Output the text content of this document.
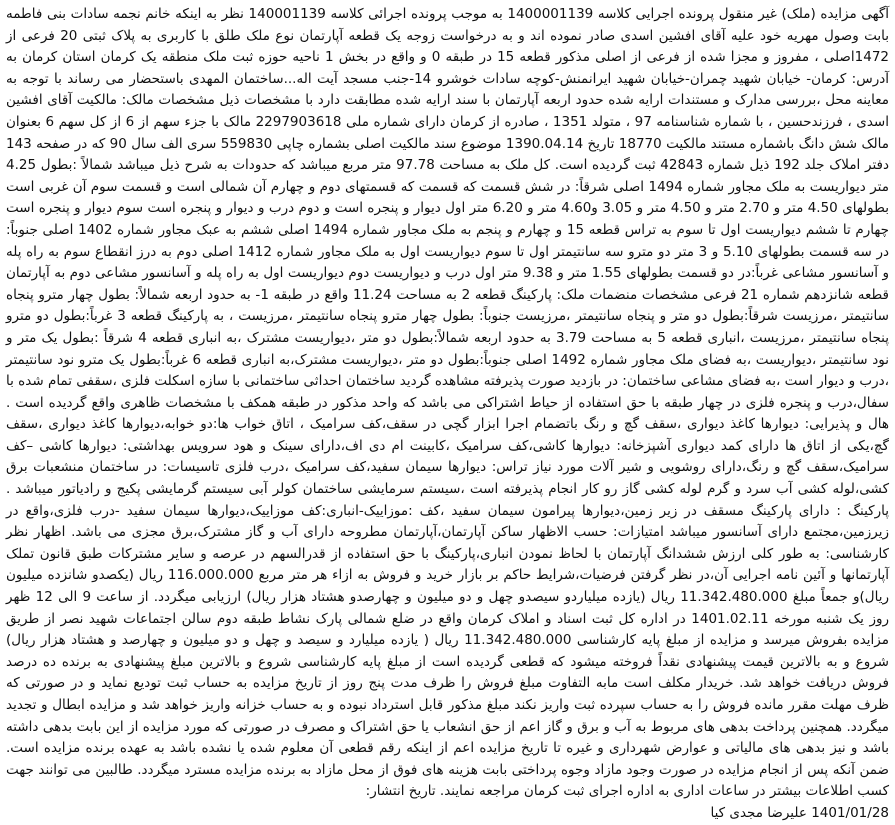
آگهی مزایده (ملک) غیر منقول پرونده اجرایی کلاسه 1400001139 به موجب پرونده اجرائی کلاسه 140001139 نظر به اینکه خانم نجمه سادات بنی فاطمه بابت وصول مهریه خود علیه آقای افشین اسدی صادر نموده اند و به درخواست زوجه یک قطعه آپارتمان نوع ملک طلق با کاربری به پلاک ثبتی 20 فرعی از 1472اصلی ، مفروز و مجزا شده از فرعی از اصلی مذکور قطعه 15 در طبقه 0 و واقع در بخش 1 ناحیه حوزه ثبت ملک منطقه یک کرمان استان کرمان به آدرس: کرمان- خیابان شهید چمران-خیابان شهید ایرانمنش-کوچه سادات خوشرو 14-جنب مسجد آیت اله...ساختمان المهدی باستحضار می رساند با توجه به معاینه محل ،بررسی مدارک و مستندات ارایه شده حدود اربعه آپارتمان با سند ارایه شده مطابقت دارد با مشخصات ذیل مشخصات مالک: مالکیت آقای افشین اسدی ، فرزندحسین ، با شماره شناسنامه 97 ، متولد 1351 ، صادره از کرمان دارای شماره ملی 2297903618 مالک با جزء سهم از 6 از کل سهم 6 بعنوان مالک شش دانگ باشماره مستند مالکیت 18770 تاریخ 1390.04.14 موضوع سند مالکیت اصلی بشماره چاپی 559830 سری الف سال 90 که در صفحه 143 دفتر املاک جلد 192 ذیل شماره 42843 ثبت گردیده است. کل ملک به مساحت 97.78 متر مربع میباشد که حدودات به شرح ذیل میباشد شمالاً :بطول 4.25 متر دیواریست به ملک مجاور شماره 1494 اصلی شرقاً: در شش قسمت که قسمت که قسمتهای دوم و چهارم آن شمالی است و قسمت سوم آن غربی است بطولهای 4.50 متر و 2.70 متر و 4.50 متر و 3.05 و4.60 متر و 6.20 متر اول دیوار و پنجره است و دوم درب و دیوار و پنجره است سوم دیوار و پنجره است چهارم تا ششم دیواریست اول تا سوم به تراس قطعه 15 و چهارم و پنجم به ملک مجاور شماره 1494 اصلی ششم به عبک مجاور شماره 1402 اصلی جنوباً: در سه قسمت بطولهای 5.10 و 3 متر دو مترو سه سانتیمتر اول تا سوم دیواریست اول به ملک مجاور شماره 1412 اصلی دوم به درز انقطاع سوم به راه پله و آسانسور مشاعی غرباً:در دو قسمت بطولهای 1.55 متر و 9.38 متر اول درب و دیواریست دوم دیواریست اول به راه پله و آسانسور مشاعی دوم به آپارتمان قطعه شانزدهم شماره 21 فرعی مشخصات منضمات ملک: پارکینگ قطعه 2 به مساحت 11.24 واقع در طبقه 1- به حدود اربعه شمالاً: بطول چهار مترو پنجاه سانتیمتر ،مرزیست شرقاً:بطول دو متر و پنجاه سانتیمتر ،مرزیست جنوباً: بطول چهار مترو پنجاه سانتیمتر ،مرزیست ، به پارکینگ قطعه 3 غرباً:بطول دو مترو پنجاه سانتیمتر ،مرزیست ،انباری قطعه 5 به مساحت 3.79 به حدود اربعه شمالاً:بطول دو متر ،دیواریست مشترک ،به انباری قطعه 4 شرقاً :بطول یک متر و نود سانتیمتر ،دیواریست ،به فضای ملک مجاور شماره 1492 اصلی جنوباً:بطول دو متر ،دیواریست مشترک،به انباری قطعه 6 غرباً:بطول یک مترو نود سانتیمتر ،درب و دیوار است ،به فضای مشاعی ساختمان: در بازدید صورت پذیرفته مشاهده گردید ساختمان احداثی ساختمانی با سازه اسکلت فلزی ،سقفی تمام شده با سفال،درب و پنجره فلزی در چهار طبقه با حق استفاده از حیاط اشتراکی می باشد که واحد مذکور در طبقه همکف با مشخصات ظاهری واقع گردیده است . هال و پذیرایی: دیوارها کاغذ دیواری ،سقف گچ و رنگ باتضمام اجرا ابزار گچی در سقف،کف سرامیک ، اتاق خواب ها:دو خوابه،دیوارها کاغذ دیواری ،سقف گچ،یکی از اتاق ها دارای کمد دیواری آشپزخانه: دیوارها کاشی،کف سرامیک ،کابینت ام دی اف،دارای سینک و هود سرویس بهداشتی: دیوارها کاشی –کف سرامیک،سقف گچ و رنگ،دارای روشویی و شیر آلات مورد نیاز تراس: دیوارها سیمان سفید،کف سرامیک ،درب فلزی تاسیسات: در ساختمان منشعبات برق کشی،لوله کشی آب سرد و گرم لوله کشی گاز رو کار انجام پذیرفته است ،سیستم سرمایشی ساختمان کولر آبی سیستم گرمایشی پکیج و رادیاتور میباشد . پارکینگ : دارای پارکینگ مسقف در زیر زمین،دیوارها پیرامون سیمان سفید ،کف :موزاییک-انباری:کف موزاییک،دیوارها سیمان سفید -درب فلزی،واقع در زیرزمین،مجتمع دارای آسانسور میباشد امتیازات: حسب الاظهار ساکن آپارتمان،آپارتمان مطروحه دارای آب و گاز مشترک،برق مجزی می باشد. اظهار نظر کارشناسی: به طور کلی ارزش ششدانگ آپارتمان با لحاظ نمودن انباری،پارکینگ با حق استفاده از قدرالسهم در عرصه و سایر مشترکات طبق قانون تملک آپارتمانها و آئین نامه اجرایی آن،در نظر گرفتن فرضیات،شرایط حاکم بر بازار خرید و فروش به ازاء هر متر مربع 116.000.000 ریال (یکصدو شانزده میلیون ریال)و جمعاً مبلغ 11.342.480.000 ریال (یازده میلیاردو سیصدو چهل و دو میلیون و چهارصدو هشتاد هزار ریال) ارزیابی میگردد. از ساعت 9 الی 12 ظهر روز یک شنبه مورخه 1401.02.11 در اداره کل ثبت اسناد و املاک کرمان واقع در ضلع شمالی پارک نشاط طبقه دوم سالن اجتماعات شهید نصر از طریق مزایده بفروش میرسد و مزایده از مبلغ پایه کارشناسی 11.342.480.000 ریال ( یازده میلیارد و سیصد و چهل و دو میلیون و چهارصد و هشتاد هزار ریال) شروع و به بالاترین قیمت پیشنهادی نقداً فروخته میشود که قطعی گردیده است از مبلغ پایه کارشناسی شروع و بالاترین مبلغ پیشنهادی به برنده ده درصد فروش دریافت خواهد شد. خریدار مکلف است مابه التفاوت مبلغ فروش را ظرف مدت پنج روز از تاریخ مزایده به حساب ثبت تودیع نماید و در صورتی که ظرف مهلت مقرر مانده فروش را به حساب سپرده ثبت واریز نکند مبلغ مذکور قابل استرداد نبوده و به حساب خزانه واریز خواهد شد و مزایده ابطال و تجدید میگردد. همچنین پرداخت بدهی های مربوط به آب و برق و گاز اعم از حق انشعاب یا حق اشتراک و مصرف در صورتی که مورد مزایده از این بابت بدهی داشته باشد و نیز بدهی های مالیاتی و عوارض شهرداری و غیره تا تاریخ مزایده اعم از اینکه رقم قطعی آن معلوم شده یا نشده باشد به عهده برنده مزایده است. ضمن آنکه پس از انجام مزایده در صورت وجود مازاد وجوه پرداختی بابت هزینه های فوق از محل مازاد به برنده مزایده مسترد میگردد. طالبین می توانند جهت کسب اطلاعات بیشتر در ساعات اداری به اداره اجرای ثبت کرمان مراجعه نمایند. تاریخ انتشار:

1401/01/28 علیرضا مجدی کیا
